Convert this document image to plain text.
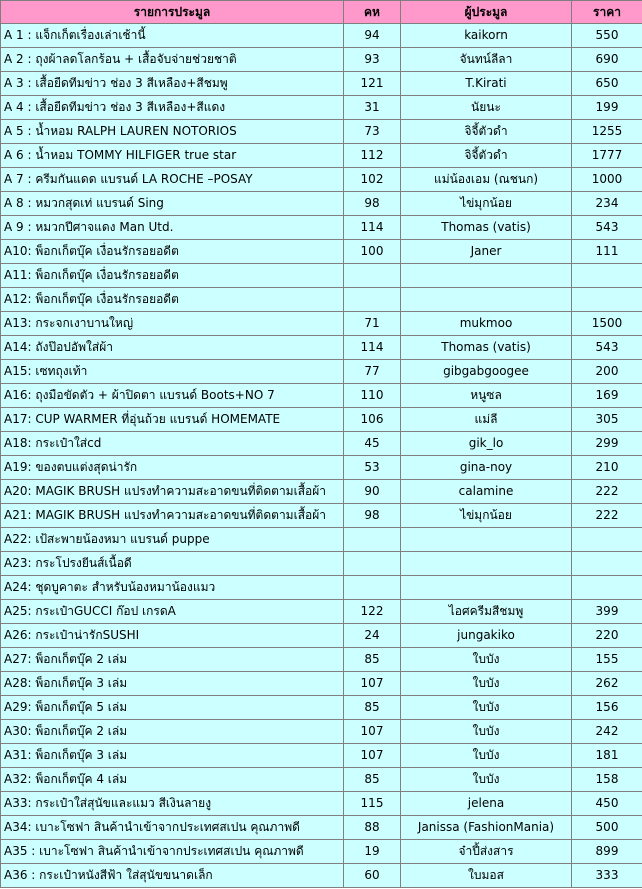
รายการประมูล	คห	ผู้ประมูล	ราคา
A 1 : แจ็กเก็ตเรื่องเล่าเช้านี้	94	kaikorn	550
A 2 : ถุงผ้าลดโลกร้อน + เสื้อจับจ่ายช่วยชาติ	93	จันทน์ลีลา	690
A 3 : เสื้อยืดทีมข่าว ช่อง 3 สีเหลือง+สีชมพู	121	T.Kirati	650
A 4 : เสื้อยืดทีมข่าว ช่อง 3 สีเหลือง+สีแดง	31	นัยนะ	199
A 5 : น้ำหอม RALPH LAUREN NOTORIOS	73	จิจี้ตัวดำ	1255
A 6 : น้ำหอม TOMMY HILFIGER true star	112	จิจี้ตัวดำ	1777
A 7 : ครีมกันแดด แบรนด์ LA ROCHE –POSAY	102	แม่น้องเอม (ณชนก)	1000
A 8 : หมวกสุดเท่ แบรนด์ Sing	98	ไข่มุกน้อย	234
A 9 : หมวกปีศาจแดง Man Utd.	114	Thomas (vatis)	543
A10: พ็อกเก็ตบุ๊ค เงื่อนรักรอยอดีต	100	Janer	111
A11: พ็อกเก็ตบุ๊ค เงื่อนรักรอยอดีต			
A12: พ็อกเก็ตบุ๊ค เงื่อนรักรอยอดีต			
A13: กระจกเงาบานใหญ่	71	mukmoo	1500
A14: ถังป๊อปอัพใส่ผ้า	114	Thomas (vatis)	543
A15: เซทถุงเท้า	77	gibgabgoogee	200
A16: ถุงมือขัดตัว + ผ้าปิดตา แบรนด์ Boots+NO 7	110	หนูซล	169
A17: CUP WARMER ที่อุ่นถ้วย แบรนด์ HOMEMATE	106	แม่ลี	305
A18: กระเป๋าใส่cd	45	gik_lo	299
A19: ของตบแต่งสุดน่ารัก	53	gina-noy	210
A20: MAGIK BRUSH แปรงทำความสะอาดขนที่ติดตามเสื้อผ้า	90	calamine	222
A21: MAGIK BRUSH แปรงทำความสะอาดขนที่ติดตามเสื้อผ้า	98	ไข่มุกน้อย	222
A22: เป้สะพายน้องหมา แบรนด์ puppe			
A23: กระโปรงยีนส์เนื้อดี			
A24: ชุดบูคาตะ สำหรับน้องหมาน้องแมว			
A25: กระเป๋าGUCCI ก๊อป เกรดA	122	ไอศครีมสีชมพู	399
A26: กระเป๋าน่ารักSUSHI	24	jungakiko	220
A27: พ็อกเก็ตบุ๊ค 2 เล่ม	85	ใบบัง	155
A28: พ็อกเก็ตบุ๊ค 3 เล่ม	107	ใบบัง	262
A29: พ็อกเก็ตบุ๊ค 5 เล่ม	85	ใบบัง	156
A30: พ็อกเก็ตบุ๊ค 2 เล่ม	107	ใบบัง	242
A31: พ็อกเก็ตบุ๊ค 3 เล่ม	107	ใบบัง	181
A32: พ็อกเก็ตบุ๊ค 4 เล่ม	85	ใบบัง	158
A33: กระเป๋าใส่สุนัขและแมว สีเงินลายงู	115	jelena	450
A34: เบาะโซฟา สินค้านำเข้าจากประเทศสเปน คุณภาพดี	88	Janissa (FashionMania)	500
A35 : เบาะโซฟา สินค้านำเข้าจากประเทศสเปน คุณภาพดี	19	จ๋าปี้ส่งสาร	899
A36 : กระเป๋าหนังสีฟ้า ใส่สุนัขขนาดเล็ก	60	ใบมอส	333
